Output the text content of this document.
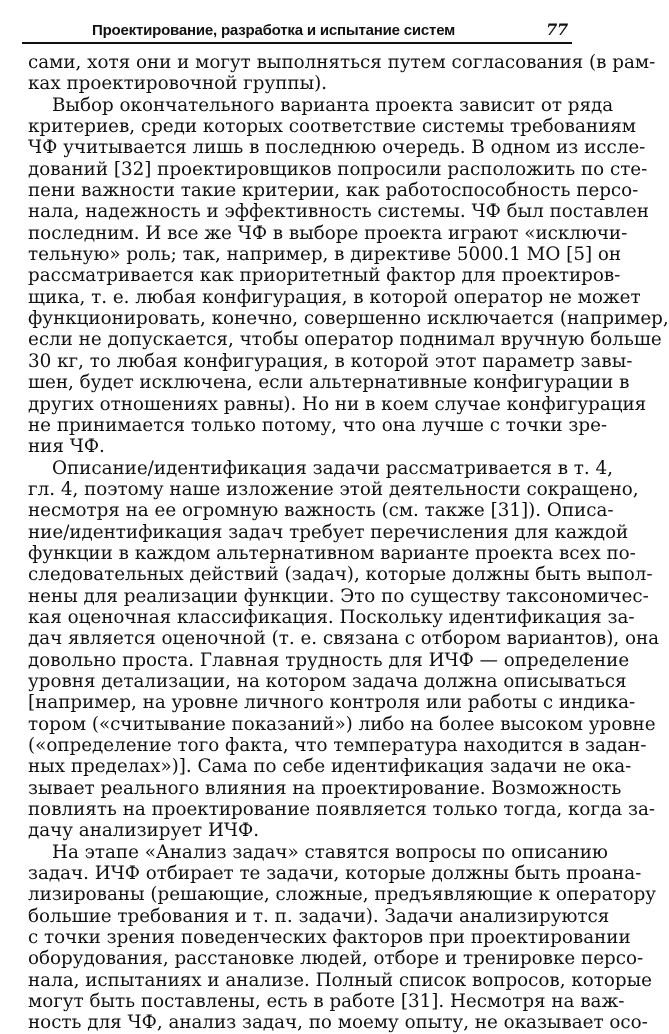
Проектирование, разработка и испытание систем	77
сами, хотя они и могут выполняться путем согласования (в рам-
ках проектировочной группы).
Выбор окончательного варианта проекта зависит от ряда
критериев, среди которых соответствие системы требованиям
ЧФ учитывается лишь в последнюю очередь. В одном из иссле-
дований [32] проектировщиков попросили расположить по сте-
пени важности такие критерии, как работоспособность персо-
нала, надежность и эффективность системы. ЧФ был поставлен
последним. И все же ЧФ в выборе проекта играют «исключи-
тельную» роль; так, например, в директиве 5000.1 МО [5] он
рассматривается как приоритетный фактор для проектиров-
щика, т. е. любая конфигурация, в которой оператор не может
функционировать, конечно, совершенно исключается (например,
если не допускается, чтобы оператор поднимал вручную больше
30 кг, то любая конфигурация, в которой этот параметр завы-
шен, будет исключена, если альтернативные конфигурации в
других отношениях равны). Но ни в коем случае конфигурация
не принимается только потому, что она лучше с точки зре-
ния ЧФ.
Описание/идентификация задачи рассматривается в т. 4,
гл. 4, поэтому наше изложение этой деятельности сокращено,
несмотря на ее огромную важность (см. также [31]). Описа-
ние/идентификация задач требует перечисления для каждой
функции в каждом альтернативном варианте проекта всех по-
следовательных действий (задач), которые должны быть выпол-
нены для реализации функции. Это по существу таксономичес-
кая оценочная классификация. Поскольку идентификация за-
дач является оценочной (т. е. связана с отбором вариантов), она
довольно проста. Главная трудность для ИЧФ — определение
уровня детализации, на котором задача должна описываться
[например, на уровне личного контроля или работы с индика-
тором («считывание показаний») либо на более высоком уровне
(«определение того факта, что температура находится в задан-
ных пределах»)]. Сама по себе идентификация задачи не ока-
зывает реального влияния на проектирование. Возможность
повлиять на проектирование появляется только тогда, когда за-
дачу анализирует ИЧФ.
На этапе «Анализ задач» ставятся вопросы по описанию
задач. ИЧФ отбирает те задачи, которые должны быть проана-
лизированы (решающие, сложные, предъявляющие к оператору
большие требования и т. п. задачи). Задачи анализируются
с точки зрения поведенческих факторов при проектировании
оборудования, расстановке людей, отборе и тренировке персо-
нала, испытаниях и анализе. Полный список вопросов, которые
могут быть поставлены, есть в работе [31]. Несмотря на важ-
ность для ЧФ, анализ задач, по моему опыту, не оказывает осо-
